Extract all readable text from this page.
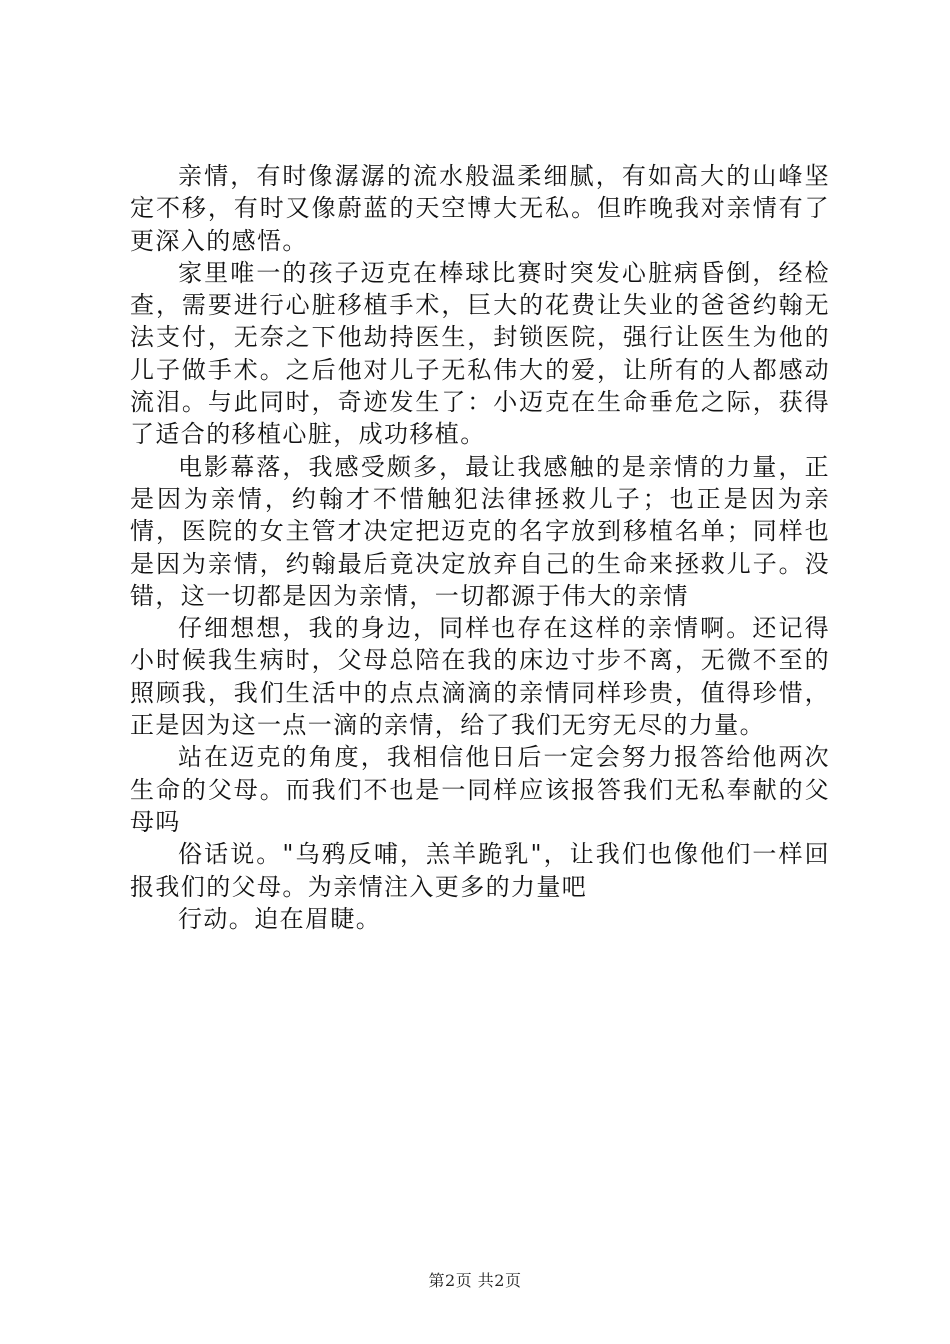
亲情，有时像潺潺的流水般温柔细腻，有如高大的山峰坚定不移，有时又像蔚蓝的天空博大无私。但昨晚我对亲情有了更深入的感悟。

家里唯一的孩子迈克在棒球比赛时突发心脏病昏倒，经检查，需要进行心脏移植手术，巨大的花费让失业的爸爸约翰无法支付，无奈之下他劫持医生，封锁医院，强行让医生为他的儿子做手术。之后他对儿子无私伟大的爱，让所有的人都感动流泪。与此同时，奇迹发生了：小迈克在生命垂危之际，获得了适合的移植心脏，成功移植。

电影幕落，我感受颇多，最让我感触的是亲情的力量，正是因为亲情，约翰才不惜触犯法律拯救儿子；也正是因为亲情，医院的女主管才决定把迈克的名字放到移植名单；同样也是因为亲情，约翰最后竟决定放弃自己的生命来拯救儿子。没错，这一切都是因为亲情，一切都源于伟大的亲情

仔细想想，我的身边，同样也存在这样的亲情啊。还记得小时候我生病时，父母总陪在我的床边寸步不离，无微不至的照顾我，我们生活中的点点滴滴的亲情同样珍贵，值得珍惜，正是因为这一点一滴的亲情，给了我们无穷无尽的力量。

站在迈克的角度，我相信他日后一定会努力报答给他两次生命的父母。而我们不也是一同样应该报答我们无私奉献的父母吗

俗话说。"乌鸦反哺，羔羊跪乳"，让我们也像他们一样回报我们的父母。为亲情注入更多的力量吧

行动。迫在眉睫。

第2页 共2页
